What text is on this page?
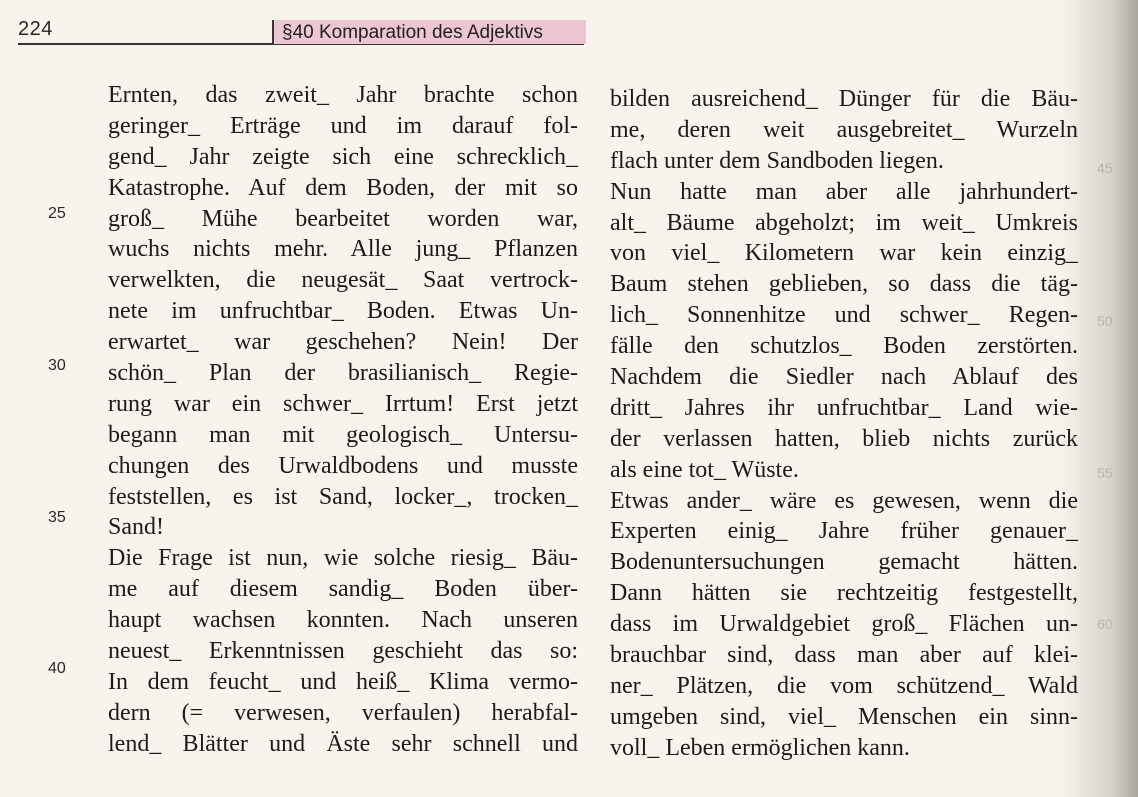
224	§40 Komparation des Adjektivs
25
30
35
40
45
50
55
60
Ernten, das zweit_ Jahr brachte schon
geringer_ Erträge und im darauf fol-
gend_ Jahr zeigte sich eine schrecklich_
Katastrophe. Auf dem Boden, der mit so
groß_ Mühe bearbeitet worden war,
wuchs nichts mehr. Alle jung_ Pflanzen
verwelkten, die neugesät_ Saat vertrock-
nete im unfruchtbar_ Boden. Etwas Un-
erwartet_ war geschehen? Nein! Der
schön_ Plan der brasilianisch_ Regie-
rung war ein schwer_ Irrtum! Erst jetzt
begann man mit geologisch_ Untersu-
chungen des Urwaldbodens und musste
feststellen, es ist Sand, locker_, trocken_
Sand!
Die Frage ist nun, wie solche riesig_ Bäu-
me auf diesem sandig_ Boden über-
haupt wachsen konnten. Nach unseren
neuest_ Erkenntnissen geschieht das so:
In dem feucht_ und heiß_ Klima vermo-
dern (= verwesen, verfaulen) herabfal-
lend_ Blätter und Äste sehr schnell und
bilden ausreichend_ Dünger für die Bäu-
me, deren weit ausgebreitet_ Wurzeln
flach unter dem Sandboden liegen.
Nun hatte man aber alle jahrhundert-
alt_ Bäume abgeholzt; im weit_ Umkreis
von viel_ Kilometern war kein einzig_
Baum stehen geblieben, so dass die täg-
lich_ Sonnenhitze und schwer_ Regen-
fälle den schutzlos_ Boden zerstörten.
Nachdem die Siedler nach Ablauf des
dritt_ Jahres ihr unfruchtbar_ Land wie-
der verlassen hatten, blieb nichts zurück
als eine tot_ Wüste.
Etwas ander_ wäre es gewesen, wenn die
Experten einig_ Jahre früher genauer_
Bodenuntersuchungen gemacht hätten.
Dann hätten sie rechtzeitig festgestellt,
dass im Urwaldgebiet groß_ Flächen un-
brauchbar sind, dass man aber auf klei-
ner_ Plätzen, die vom schützend_ Wald
umgeben sind, viel_ Menschen ein sinn-
voll_ Leben ermöglichen kann.
